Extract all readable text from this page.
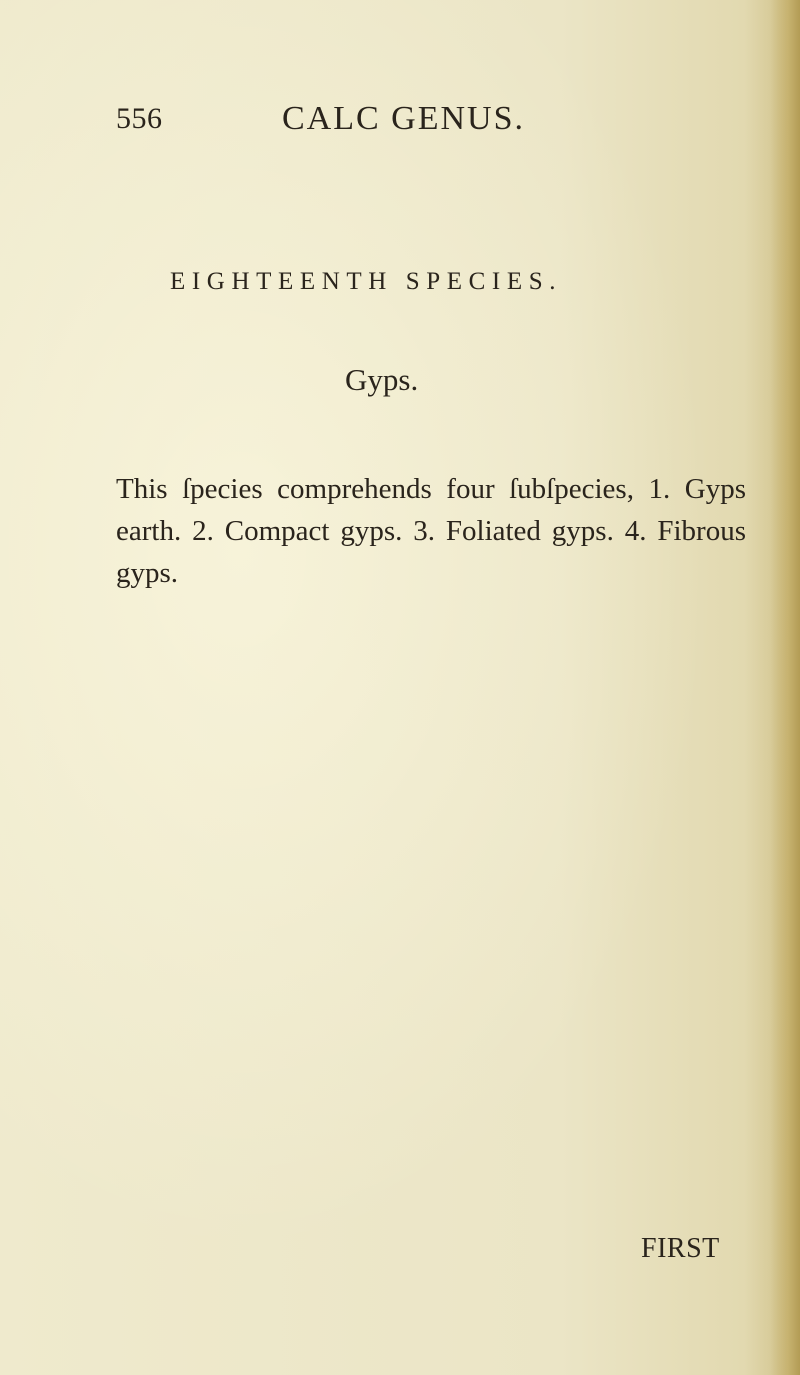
556	CALC GENUS.
EIGHTEENTH SPECIES.
Gyps.
This ſpecies comprehends four ſubſpecies, 1. Gyps earth. 2. Compact gyps. 3. Foliated gyps. 4. Fibrous gyps.
FIRST
